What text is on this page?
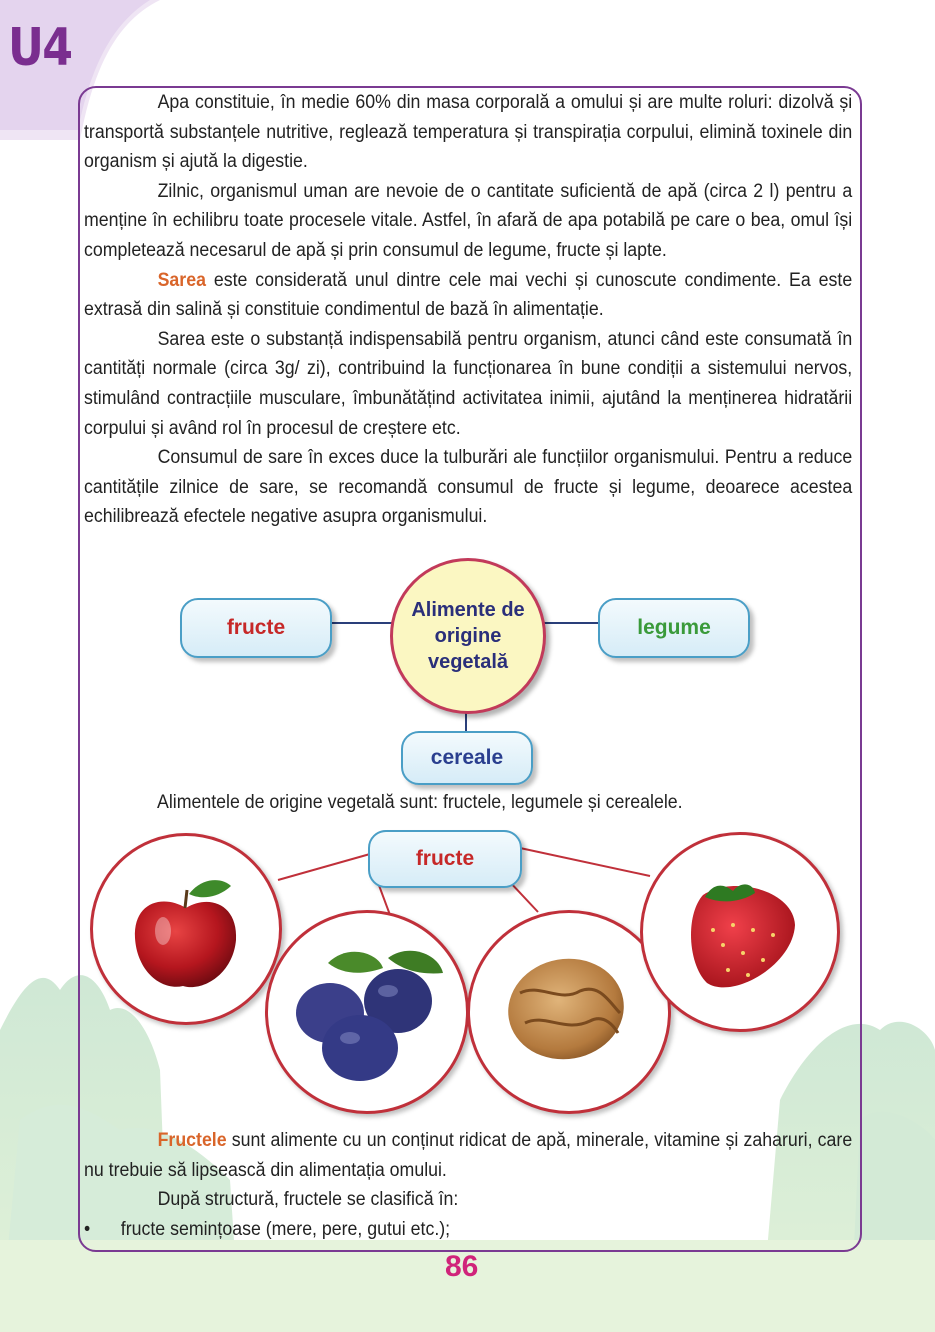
U4

Apa constituie, în medie 60% din masa corporală a omului și are multe roluri: dizolvă și transportă substanțele nutritive, reglează temperatura și transpirația corpului, elimină toxinele din organism și ajută la digestie.

Zilnic, organismul uman are nevoie de o cantitate suficientă de apă (circa 2 l) pentru a menține în echilibru toate procesele vitale. Astfel, în afară de apa potabilă pe care o bea, omul își completează necesarul de apă și prin consumul de legume, fructe și lapte.

Sarea este considerată unul dintre cele mai vechi și cunoscute condimente. Ea este extrasă din salină și constituie condimentul de bază în alimentație.

Sarea este o substanță indispensabilă pentru organism, atunci când este consumată în cantități normale (circa 3g/ zi), contribuind la funcționarea în bune condiții a sistemului nervos, stimulând contracțiile musculare, îmbunătățind activitatea inimii, ajutând la menținerea hidratării corpului și având rol în procesul de creștere etc.

Consumul de sare în exces duce la tulburări ale funcțiilor organismului. Pentru a reduce cantitățile zilnice de sare, se recomandă consumul de fructe și legume, deoarece acestea echilibrează efectele negative asupra organismului.

fructe	legume
cereale
Alimente de origine vegetală
Alimentele de origine vegetală sunt: fructele, legumele și cerealele.
fructe

Fructele sunt alimente cu un conținut ridicat de apă, minerale, vitamine și zaharuri, care nu trebuie să lipsească din alimentația omului.

După structură, fructele se clasifică în:

•	fructe semințoase (mere, pere, gutui etc.);

86
